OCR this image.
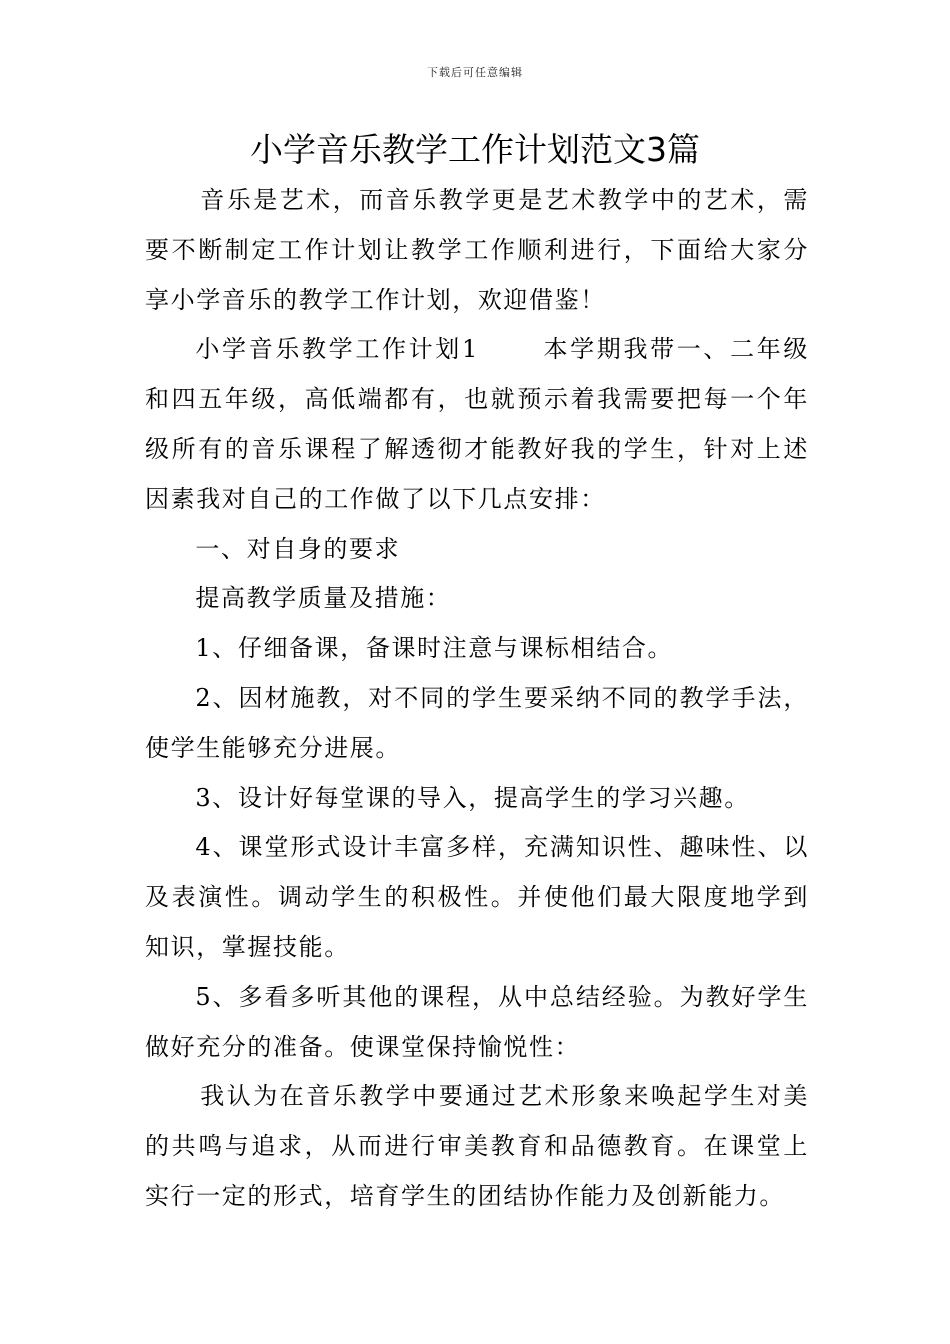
下载后可任意编辑
小学音乐教学工作计划范文3篇

音乐是艺术，而音乐教学更是艺术教学中的艺术，需要不断制定工作计划让教学工作顺利进行，下面给大家分享小学音乐的教学工作计划，欢迎借鉴！

小学音乐教学工作计划1　　 本学期我带一、二年级和四五年级，高低端都有，也就预示着我需要把每一个年级所有的音乐课程了解透彻才能教好我的学生，针对上述因素我对自己的工作做了以下几点安排：

一、对自身的要求

提高教学质量及措施：

1、仔细备课，备课时注意与课标相结合。

2、因材施教，对不同的学生要采纳不同的教学手法，使学生能够充分进展。

3、设计好每堂课的导入，提高学生的学习兴趣。

4、课堂形式设计丰富多样，充满知识性、趣味性、以及表演性。调动学生的积极性。并使他们最大限度地学到知识，掌握技能。

5、多看多听其他的课程，从中总结经验。为教好学生做好充分的准备。使课堂保持愉悦性：

我认为在音乐教学中要通过艺术形象来唤起学生对美的共鸣与追求，从而进行审美教育和品德教育。在课堂上实行一定的形式，培育学生的团结协作能力及创新能力。
